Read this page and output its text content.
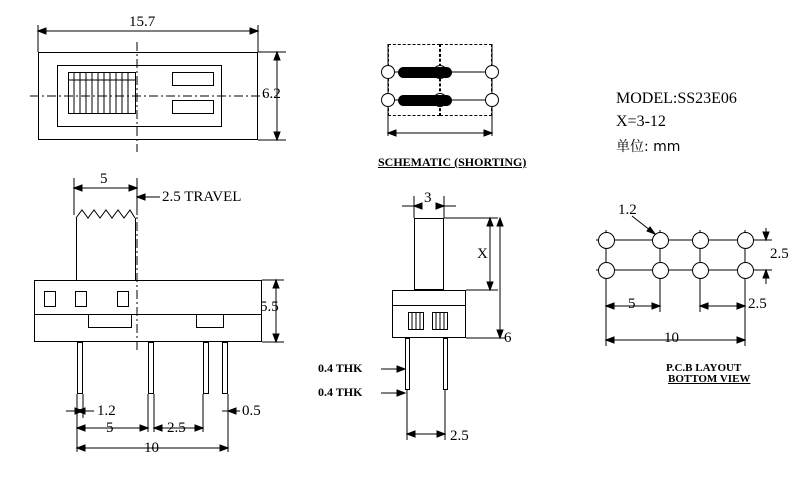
15.7
6.2
5
2.5 TRAVEL
5.5
1.2	0.5
5	2.5
10
SCHEMATIC (SHORTING)
MODEL:SS23E06
X=3-12
单位: mm
3
X
6
0.4 THK
0.4 THK
2.5
1.2
2.5
5	2.5
10
P.C.B LAYOUT
BOTTOM VIEW
